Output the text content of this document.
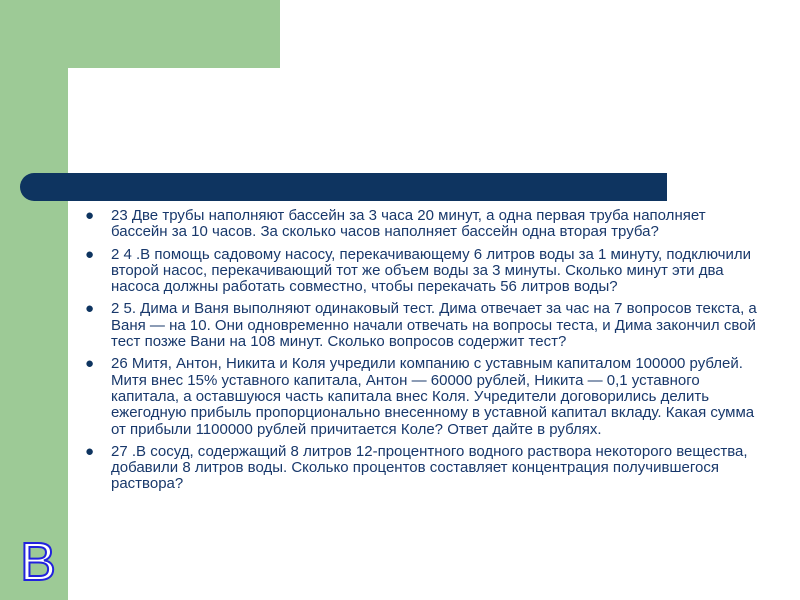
● 23 Две трубы наполняют бассейн за 3 часа 20 минут, а одна первая труба наполняет бассейн за 10 часов. За сколько часов наполняет бассейн одна вторая труба?
● 2 4 .В помощь садовому насосу, перекачивающему 6 литров воды за 1 минуту, подключили второй насос, перекачивающий тот же объем воды за 3 минуты. Сколько минут эти два насоса должны работать совместно, чтобы перекачать 56 литров воды?
● 2 5. Дима и Ваня выполняют одинаковый тест. Дима отвечает за час на 7 вопросов текста, а Ваня — на 10. Они одновременно начали отвечать на вопросы теста, и Дима закончил свой тест позже Вани на 108 минут. Сколько вопросов содержит тест?
● 26 Митя, Антон, Никита и Коля учредили компанию с уставным капиталом 100000 рублей. Митя внес 15% уставного капитала, Антон — 60000 рублей, Никита — 0,1 уставного капитала, а оставшуюся часть капитала внес Коля. Учредители договорились делить ежегодную прибыль пропорционально внесенному в уставной капитал вкладу. Какая сумма от прибыли 1100000 рублей причитается Коле? Ответ дайте в рублях.
● 27 .В сосуд, содержащий 8 литров 12-процентного водного раствора некоторого вещества, добавили 8 литров воды. Сколько процентов составляет концентрация получившегося раствора?
В
